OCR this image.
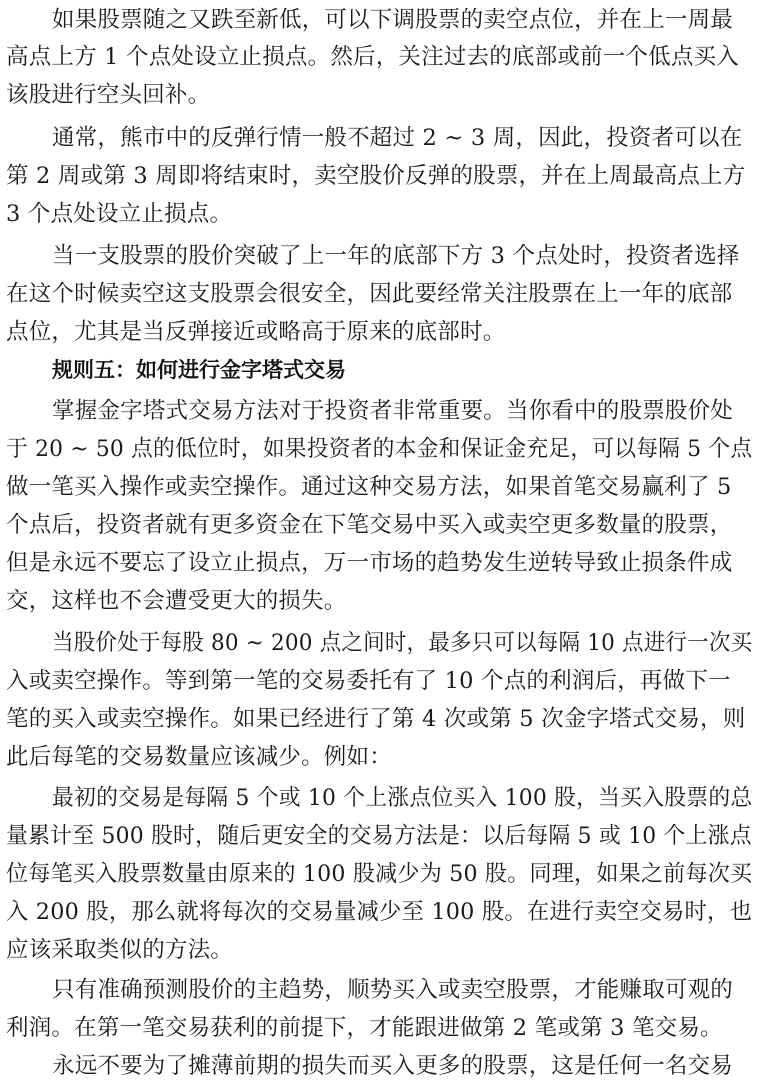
如果股票随之又跌至新低，可以下调股票的卖空点位，并在上一周最
高点上方 1 个点处设立止损点。然后，关注过去的底部或前一个低点买入
该股进行空头回补。
通常，熊市中的反弹行情一般不超过 2 ~ 3 周，因此，投资者可以在
第 2 周或第 3 周即将结束时，卖空股价反弹的股票，并在上周最高点上方
3 个点处设立止损点。
当一支股票的股价突破了上一年的底部下方 3 个点处时，投资者选择
在这个时候卖空这支股票会很安全，因此要经常关注股票在上一年的底部
点位，尤其是当反弹接近或略高于原来的底部时。
规则五：如何进行金字塔式交易
掌握金字塔式交易方法对于投资者非常重要。当你看中的股票股价处
于 20 ~ 50 点的低位时，如果投资者的本金和保证金充足，可以每隔 5 个点
做一笔买入操作或卖空操作。通过这种交易方法，如果首笔交易赢利了 5
个点后，投资者就有更多资金在下笔交易中买入或卖空更多数量的股票，
但是永远不要忘了设立止损点，万一市场的趋势发生逆转导致止损条件成
交，这样也不会遭受更大的损失。
当股价处于每股 80 ~ 200 点之间时，最多只可以每隔 10 点进行一次买
入或卖空操作。等到第一笔的交易委托有了 10 个点的利润后，再做下一
笔的买入或卖空操作。如果已经进行了第 4 次或第 5 次金字塔式交易，则
此后每笔的交易数量应该减少。例如：
最初的交易是每隔 5 个或 10 个上涨点位买入 100 股，当买入股票的总
量累计至 500 股时，随后更安全的交易方法是：以后每隔 5 或 10 个上涨点
位每笔买入股票数量由原来的 100 股减少为 50 股。同理，如果之前每次买
入 200 股，那么就将每次的交易量减少至 100 股。在进行卖空交易时，也
应该采取类似的方法。
只有准确预测股价的主趋势，顺势买入或卖空股票，才能赚取可观的
利润。在第一笔交易获利的前提下，才能跟进做第 2 笔或第 3 笔交易。
永远不要为了摊薄前期的损失而买入更多的股票，这是任何一名交易
